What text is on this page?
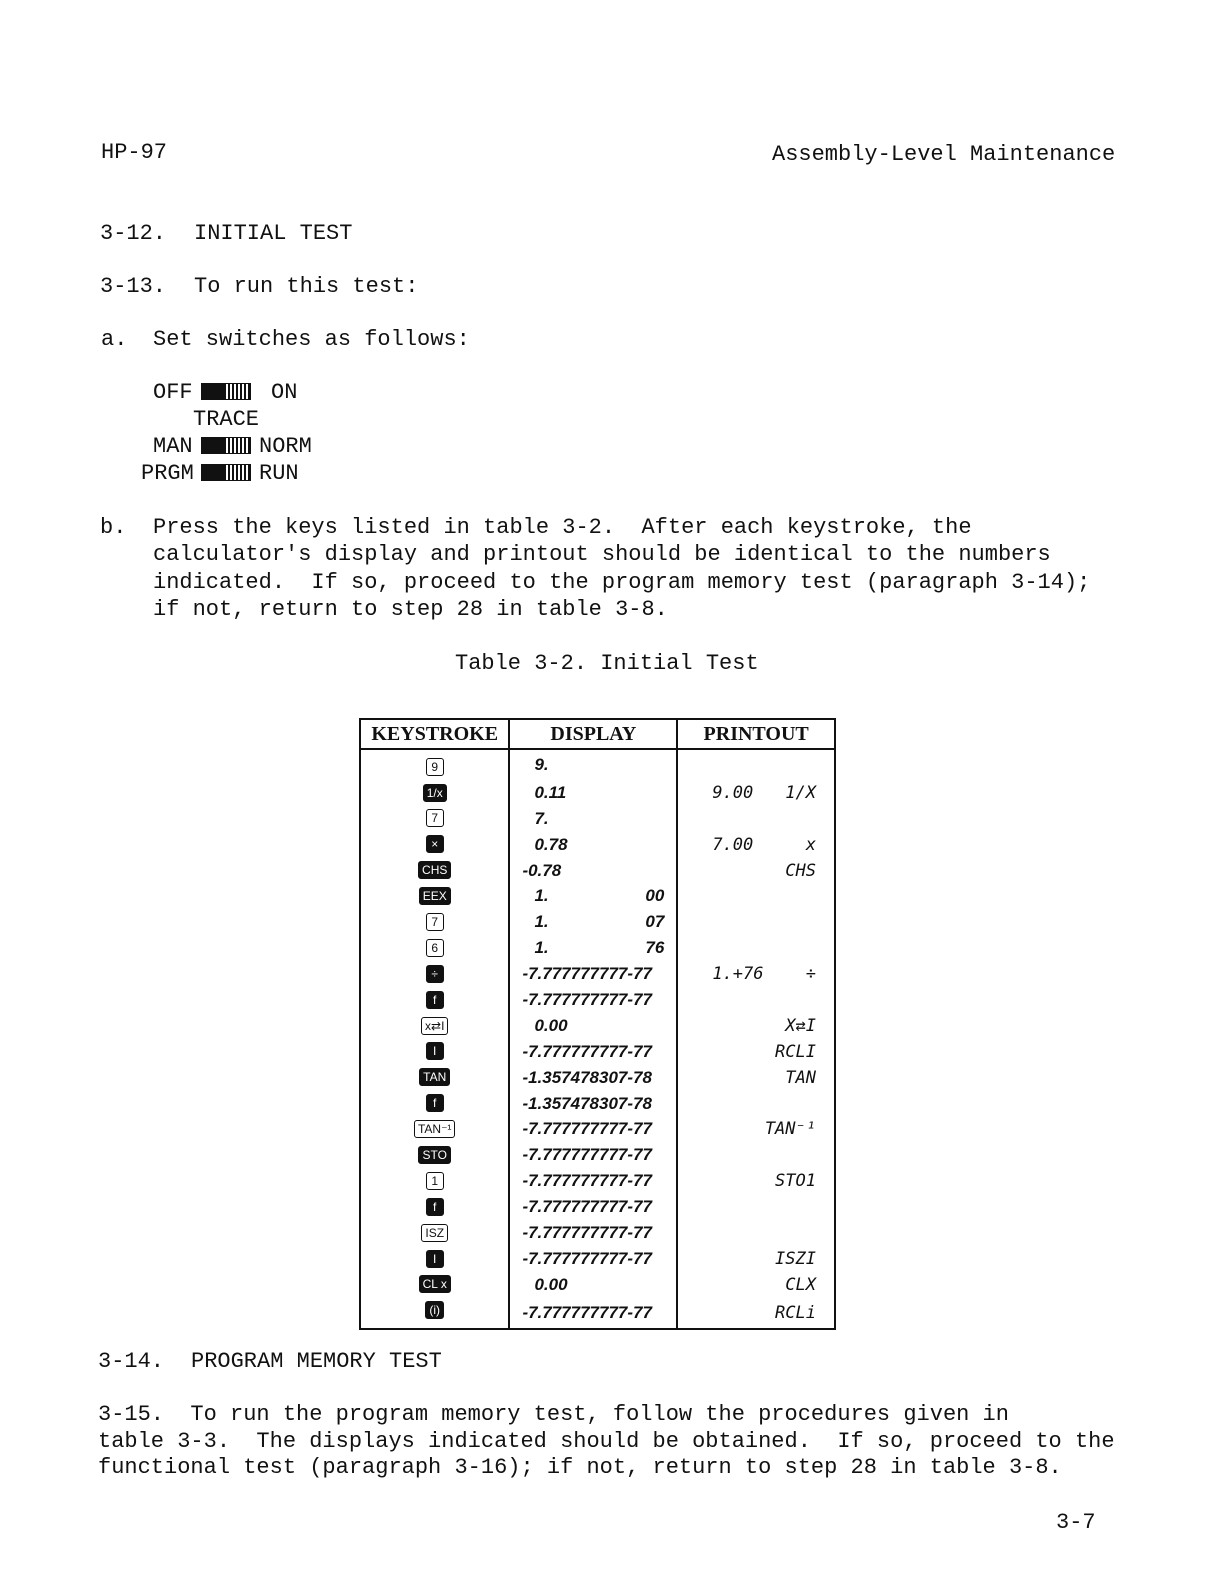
HP-97	Assembly-Level Maintenance
3-12. INITIAL TEST
3-13. To run this test:
a. Set switches as follows:
OFF	ON
TRACE
MAN	NORM
PRGM	RUN
b. Press the keys listed in table 3-2.  After each keystroke, the
calculator's display and printout should be identical to the numbers
indicated.  If so, proceed to the program memory test (paragraph 3-14);
if not, return to step 28 in table 3-8.
Table 3-2. Initial Test
KEYSTROKE	DISPLAY	PRINTOUT
9	9.	

1/x	0.11	9.00 1/X

7	7.	

×	0.78	7.00 x

CHS	-0.78	CHS

EEX	1. 00	

7	1. 07	

6	1. 76	

÷	-7.777777777-77	1.+76 ÷

f	-7.777777777-77	

x⇄I	0.00	X⇄I

I	-7.777777777-77	RCLI

TAN	-1.357478307-78	TAN

f	-1.357478307-78	

TAN⁻¹	-7.777777777-77	TAN⁻¹

STO	-7.777777777-77	

1	-7.777777777-77	STO1

f	-7.777777777-77	

ISZ	-7.777777777-77	

I	-7.777777777-77	ISZI

CL x	0.00	CLX

(i)	-7.777777777-77	RCLi
3-14. PROGRAM MEMORY TEST
3-15.  To run the program memory test, follow the procedures given in
table 3-3.  The displays indicated should be obtained.  If so, proceed to the
functional test (paragraph 3-16); if not, return to step 28 in table 3-8.
3-7
